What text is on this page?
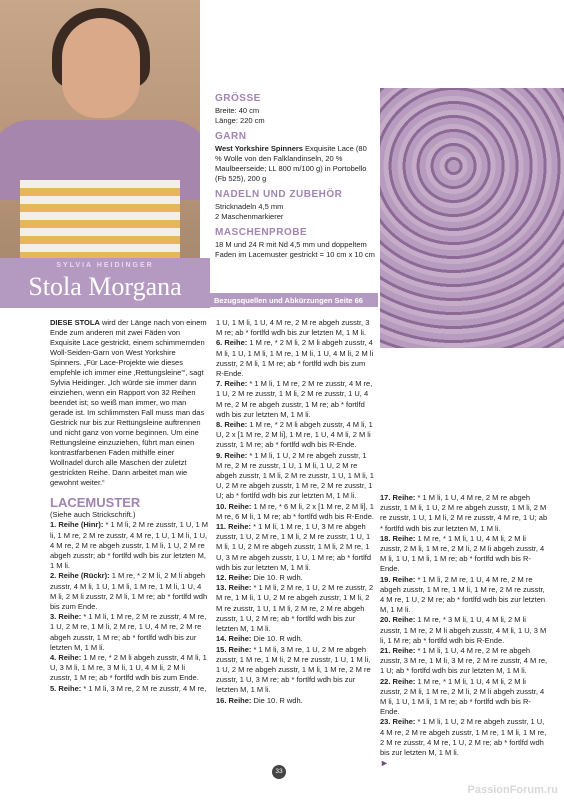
SYLVIA HEIDINGER
Stola Morgana	Bezugsquellen und Abkürzungen Seite 66
GRÖSSE

Breite: 40 cm

Länge: 220 cm

GARN

West Yorkshire Spinners Exquisite Lace (80 % Wolle von den Falklandinseln, 20 % Maulbeerseide; LL 800 m/100 g) in Portobello (Fb 525), 200 g

NADELN UND ZUBEHÖR

Stricknadeln 4,5 mm

2 Maschenmarkierer

MASCHENPROBE

18 M und 24 R mit Nd 4,5 mm und doppeltem Faden im Lacemuster gestrickt = 10 cm x 10 cm

DIESE STOLA wird der Länge nach von einem Ende zum anderen mit zwei Fäden von Exquisite Lace gestrickt, einem schimmernden Woll-Seiden-Garn von West Yorkshire Spinners. „Für Lace-Projekte wie dieses empfehle ich immer eine ‚Rettungsleine'“, sagt Sylvia Heidinger. „Ich würde sie immer dann einziehen, wenn ein Rapport von 32 Reihen beendet ist; so weiß man immer, wo man gerade ist. Im schlimmsten Fall muss man das Gestrick nur bis zur Rettungsleine auftrennen und nicht ganz von vorne beginnen. Um eine Rettungsleine einzuziehen, führt man einen kontrastfarbenen Faden mithilfe einer Wollnadel durch alle Maschen der zuletzt gestrickten Reihe. Dann arbeitet man wie gewohnt weiter.“

LACEMUSTER

(Siehe auch Strickschrift.)

1. Reihe (Hinr): * 1 M li, 2 M re zusstr, 1 U, 1 M li, 1 M re, 2 M re zusstr, 4 M re, 1 U, 1 M li, 1 U, 4 M re, 2 M re abgeh zusstr, 1 M li, 1 U, 2 M re abgeh zusstr; ab * fortlfd wdh bis zur letzten M, 1 M li.

2. Reihe (Rückr): 1 M re, * 2 M li, 2 M li abgeh zusstr, 4 M li, 1 U, 1 M li, 1 M re, 1 M li, 1 U, 4 M li, 2 M li zusstr, 2 M li, 1 M re; ab * fortlfd wdh bis zum Ende.

3. Reihe: * 1 M li, 1 M re, 2 M re zusstr, 4 M re, 1 U, 2 M re, 1 M li, 2 M re, 1 U, 4 M re, 2 M re abgeh zusstr, 1 M re; ab * fortlfd wdh bis zur letzten M, 1 M li.

4. Reihe: 1 M re, * 2 M li abgeh zusstr, 4 M li, 1 U, 3 M li, 1 M re, 3 M li, 1 U, 4 M li, 2 M li zusstr, 1 M re; ab * fortlfd wdh bis zum Ende.

5. Reihe: * 1 M li, 3 M re, 2 M re zusstr, 4 M re,

1 U, 1 M li, 1 U, 4 M re, 2 M re abgeh zusstr, 3 M re; ab * fortlfd wdh bis zur letzten M, 1 M li.

6. Reihe: 1 M re, * 2 M li, 2 M li abgeh zusstr, 4 M li, 1 U, 1 M li, 1 M re, 1 M li, 1 U, 4 M li, 2 M li zusstr, 2 M li, 1 M re; ab * fortlfd wdh bis zum R-Ende.

7. Reihe: * 1 M li, 1 M re, 2 M re zusstr, 4 M re, 1 U, 2 M re zusstr, 1 M li, 2 M re zusstr, 1 U, 4 M re, 2 M re abgeh zusstr, 1 M re; ab * fortlfd wdh bis zur letzten M, 1 M li.

8. Reihe: 1 M re, * 2 M li abgeh zusstr, 4 M li, 1 U, 2 x [1 M re, 2 M li], 1 M re, 1 U, 4 M li, 2 M li zusstr, 1 M re; ab * fortlfd wdh bis R-Ende.

9. Reihe: * 1 M li, 1 U, 2 M re abgeh zusstr, 1 M re, 2 M re zusstr, 1 U, 1 M li, 1 U, 2 M re abgeh zusstr, 1 M li, 2 M re zusstr, 1 U, 1 M li, 1 U, 2 M re abgeh zusstr, 1 M re, 2 M re zusstr, 1 U; ab * fortlfd wdh bis zur letzten M, 1 M li.

10. Reihe: 1 M re, * 6 M li, 2 x [1 M re, 2 M li], 1 M re, 6 M li, 1 M re; ab * fortlfd wdh bis R-Ende.

11. Reihe: * 1 M li, 1 M re, 1 U, 3 M re abgeh zusstr, 1 U, 2 M re, 1 M li, 2 M re zusstr, 1 U, 1 M li, 1 U, 2 M re abgeh zusstr, 1 M li, 2 M re, 1 U, 3 M re abgeh zusstr, 1 U, 1 M re; ab * fortlfd wdh bis zur letzten M, 1 M li.

12. Reihe: Die 10. R wdh.

13. Reihe: * 1 M li, 2 M re, 1 U, 2 M re zusstr, 2 M re, 1 M li, 1 U, 2 M re abgeh zusstr, 1 M li, 2 M re zusstr, 1 U, 1 M li, 2 M re, 2 M re abgeh zusstr, 1 U, 2 M re; ab * fortlfd wdh bis zur letzten M, 1 M li.

14. Reihe: Die 10. R wdh.

15. Reihe: * 1 M li, 3 M re, 1 U, 2 M re abgeh zusstr, 1 M re, 1 M li, 2 M re zusstr, 1 U, 1 M li, 1 U, 2 M re abgeh zusstr, 1 M li, 1 M re, 2 M re zusstr, 1 U, 3 M re; ab * fortlfd wdh bis zur letzten M, 1 M li.

16. Reihe: Die 10. R wdh.

17. Reihe: * 1 M li, 1 U, 4 M re, 2 M re abgeh zusstr, 1 M li, 1 U, 2 M re abgeh zusstr, 1 M li, 2 M re zusstr, 1 U, 1 M li, 2 M re zusstr, 4 M re, 1 U; ab * fortlfd wdh bis zur letzten M, 1 M li.

18. Reihe: 1 M re, * 1 M li, 1 U, 4 M li, 2 M li zusstr, 2 M li, 1 M re, 2 M li, 2 M li abgeh zusstr, 4 M li, 1 U, 1 M li, 1 M re; ab * fortlfd wdh bis R-Ende.

19. Reihe: * 1 M li, 2 M re, 1 U, 4 M re, 2 M re abgeh zusstr, 1 M re, 1 M li, 1 M re, 2 M re zusstr, 4 M re, 1 U, 2 M re; ab * fortlfd wdh bis zur letzten M, 1 M li.

20. Reihe: 1 M re, * 3 M li, 1 U, 4 M li, 2 M li zusstr, 1 M re, 2 M li abgeh zusstr, 4 M li, 1 U, 3 M li, 1 M re; ab * fortlfd wdh bis R-Ende.

21. Reihe: * 1 M li, 1 U, 4 M re, 2 M re abgeh zusstr, 3 M re, 1 M li, 3 M re, 2 M re zusstr, 4 M re, 1 U; ab * fortlfd wdh bis zur letzten M, 1 M li.

22. Reihe: 1 M re, * 1 M li, 1 U, 4 M li, 2 M li zusstr, 2 M li, 1 M re, 2 M li, 2 M li abgeh zusstr, 4 M li, 1 U, 1 M li, 1 M re; ab * fortlfd wdh bis R-Ende.

23. Reihe: * 1 M li, 1 U, 2 M re abgeh zusstr, 1 U, 4 M re, 2 M re abgeh zusstr, 1 M re, 1 M li, 1 M re, 2 M re zusstr, 4 M re, 1 U, 2 M re; ab * fortlfd wdh bis zur letzten M, 1 M li.

►
33
PassionForum.ru
